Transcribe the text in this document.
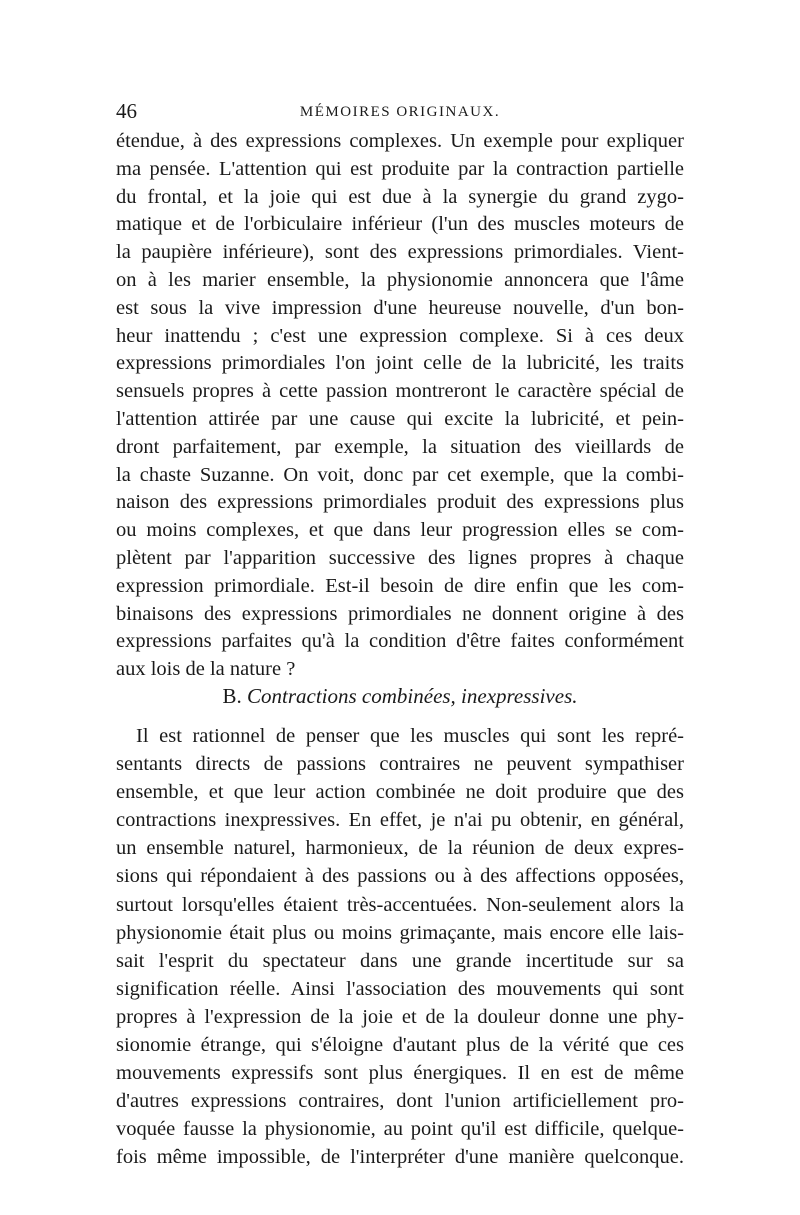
46	MÉMOIRES ORIGINAUX.
étendue, à des expressions complexes. Un exemple pour expliquer
ma pensée. L'attention qui est produite par la contraction partielle
du frontal, et la joie qui est due à la synergie du grand zygo-
matique et de l'orbiculaire inférieur (l'un des muscles moteurs de
la paupière inférieure), sont des expressions primordiales. Vient-
on à les marier ensemble, la physionomie annoncera que l'âme
est sous la vive impression d'une heureuse nouvelle, d'un bon-
heur inattendu ; c'est une expression complexe. Si à ces deux
expressions primordiales l'on joint celle de la lubricité, les traits
sensuels propres à cette passion montreront le caractère spécial de
l'attention attirée par une cause qui excite la lubricité, et pein-
dront parfaitement, par exemple, la situation des vieillards de
la chaste Suzanne. On voit, donc par cet exemple, que la combi-
naison des expressions primordiales produit des expressions plus
ou moins complexes, et que dans leur progression elles se com-
plètent par l'apparition successive des lignes propres à chaque
expression primordiale. Est-il besoin de dire enfin que les com-
binaisons des expressions primordiales ne donnent origine à des
expressions parfaites qu'à la condition d'être faites conformément
aux lois de la nature ?
B. Contractions combinées, inexpressives.
Il est rationnel de penser que les muscles qui sont les repré-
sentants directs de passions contraires ne peuvent sympathiser
ensemble, et que leur action combinée ne doit produire que des
contractions inexpressives. En effet, je n'ai pu obtenir, en général,
un ensemble naturel, harmonieux, de la réunion de deux expres-
sions qui répondaient à des passions ou à des affections opposées,
surtout lorsqu'elles étaient très-accentuées. Non-seulement alors la
physionomie était plus ou moins grimaçante, mais encore elle lais-
sait l'esprit du spectateur dans une grande incertitude sur sa
signification réelle. Ainsi l'association des mouvements qui sont
propres à l'expression de la joie et de la douleur donne une phy-
sionomie étrange, qui s'éloigne d'autant plus de la vérité que ces
mouvements expressifs sont plus énergiques. Il en est de même
d'autres expressions contraires, dont l'union artificiellement pro-
voquée fausse la physionomie, au point qu'il est difficile, quelque-
fois même impossible, de l'interpréter d'une manière quelconque.
